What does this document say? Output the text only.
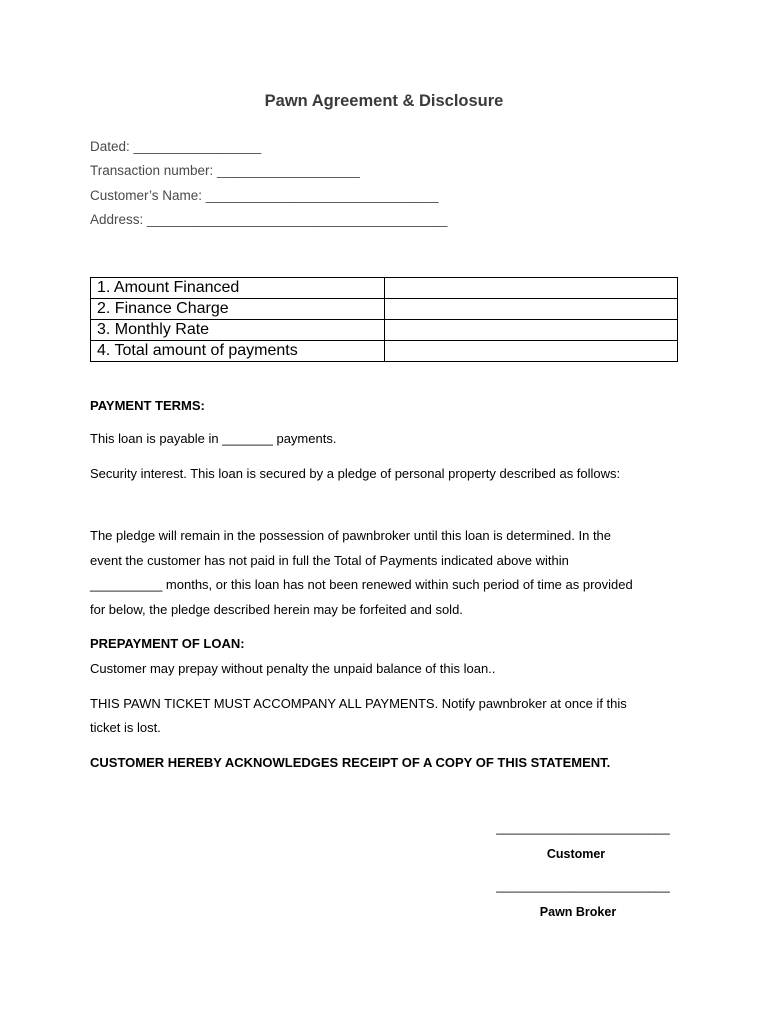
Pawn Agreement & Disclosure
Dated: _________________
Transaction number: ___________________
Customer’s Name: _______________________________
Address: ________________________________________
1. Amount Financed	
2. Finance Charge	
3. Monthly Rate	
4. Total amount of payments	
PAYMENT TERMS:
This loan is payable in _______ payments.
Security interest. This loan is secured by a pledge of personal property described as follows:
The pledge will remain in the possession of pawnbroker until this loan is determined. In the
event the customer has not paid in full the Total of Payments indicated above within
__________ months, or this loan has not been renewed within such period of time as provided
for below, the pledge described herein may be forfeited and sold.
PREPAYMENT OF LOAN:
Customer may prepay without penalty the unpaid balance of this loan..
THIS PAWN TICKET MUST ACCOMPANY ALL PAYMENTS. Notify pawnbroker at once if this
ticket is lost.
CUSTOMER HEREBY ACKNOWLEDGES RECEIPT OF A COPY OF THIS STATEMENT.
________________________
Customer
________________________
Pawn Broker
